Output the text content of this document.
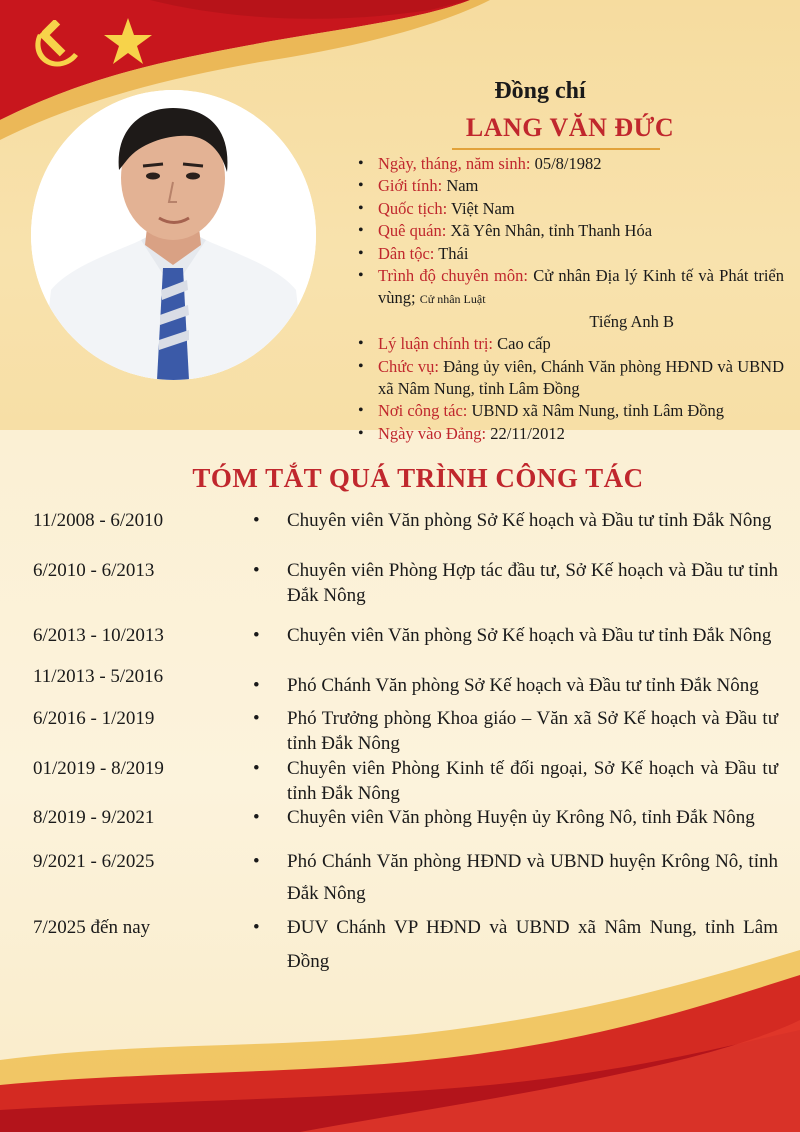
Đồng chí
LANG VĂN ĐỨC
• Ngày, tháng, năm sinh: 05/8/1982
• Giới tính: Nam
• Quốc tịch: Việt Nam
• Quê quán: Xã Yên Nhân, tỉnh Thanh Hóa
• Dân tộc: Thái
• Trình độ chuyên môn: Cử nhân Địa lý Kinh tế và Phát triển vùng; Cử nhân Luật
Tiếng Anh B
• Lý luận chính trị: Cao cấp
• Chức vụ: Đảng ủy viên, Chánh Văn phòng HĐND và UBND xã Nâm Nung, tỉnh Lâm Đồng
• Nơi công tác: UBND xã Nâm Nung, tỉnh Lâm Đồng
• Ngày vào Đảng: 22/11/2012
TÓM TẮT QUÁ TRÌNH CÔNG TÁC
11/2008 - 6/2010	•	Chuyên viên Văn phòng Sở Kế hoạch và Đầu tư tỉnh Đắk Nông
6/2010 - 6/2013	•	Chuyên viên Phòng Hợp tác đầu tư, Sở Kế hoạch và Đầu tư tỉnh Đắk Nông
6/2013 - 10/2013	•	Chuyên viên Văn phòng Sở Kế hoạch và Đầu tư tỉnh Đắk Nông
11/2013 - 5/2016	•	Phó Chánh Văn phòng Sở Kế hoạch và Đầu tư tỉnh Đắk Nông
6/2016 - 1/2019	•	Phó Trưởng phòng Khoa giáo – Văn xã Sở Kế hoạch và Đầu tư tỉnh Đắk Nông
01/2019 - 8/2019	•	Chuyên viên Phòng Kinh tế đối ngoại, Sở Kế hoạch và Đầu tư tỉnh Đắk Nông
8/2019 - 9/2021	•	Chuyên viên Văn phòng Huyện ủy Krông Nô, tỉnh Đắk Nông
9/2021 - 6/2025	•	Phó Chánh Văn phòng HĐND và UBND huyện Krông Nô, tỉnh Đắk Nông
7/2025 đến nay	•	ĐUV Chánh VP HĐND và UBND xã Nâm Nung, tỉnh Lâm Đồng
